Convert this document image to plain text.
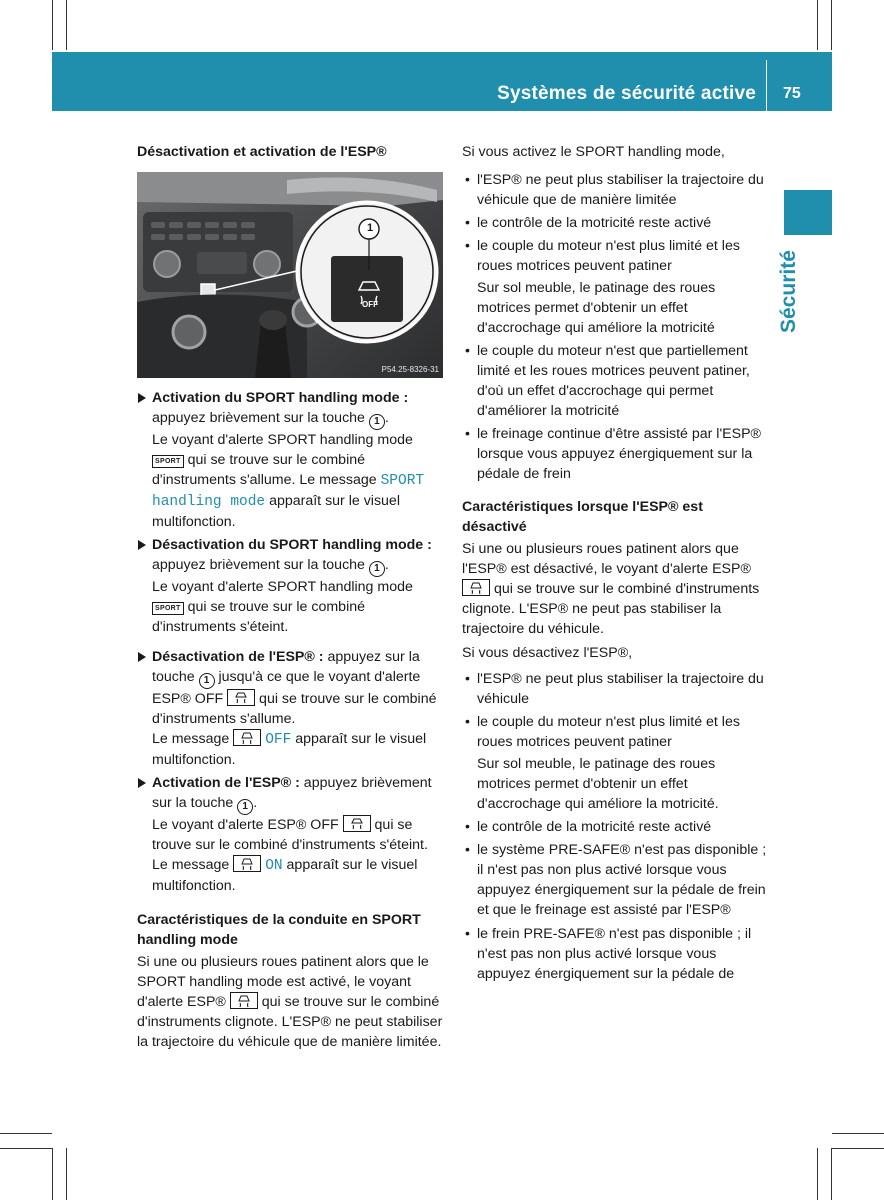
Systèmes de sécurité active 75
Sécurité
Désactivation et activation de l'ESP®
1
OFF
P54.25-8326-31
Activation du SPORT handling mode : appuyez brièvement sur la touche 1 .
Le voyant d'alerte SPORT handling mode SPORT qui se trouve sur le combiné d'instruments s'allume. Le message SPORT handling mode apparaît sur le visuel multifonction.
Désactivation du SPORT handling mode : appuyez brièvement sur la touche 1 .
Le voyant d'alerte SPORT handling mode SPORT qui se trouve sur le combiné d'instruments s'éteint.
Désactivation de l'ESP® : appuyez sur la touche 1 jusqu'à ce que le voyant d'alerte ESP® OFF
qui se trouve sur le combiné d'instruments s'allume.
Le message
OFF apparaît sur le visuel multifonction.
Activation de l'ESP® : appuyez brièvement sur la touche 1 .
Le voyant d'alerte ESP® OFF
qui se trouve sur le combiné d'instruments s'éteint. Le message
ON apparaît sur le visuel multifonction.
Caractéristiques de la conduite en SPORT handling mode

Si une ou plusieurs roues patinent alors que le SPORT handling mode est activé, le voyant d'alerte ESP®
qui se trouve sur le combiné d'instruments clignote. L'ESP® ne peut stabiliser la trajectoire du véhicule que de manière limitée.

Si vous activez le SPORT handling mode,

• l'ESP® ne peut plus stabiliser la trajectoire du véhicule que de manière limitée
• le contrôle de la motricité reste activé
• le couple du moteur n'est plus limité et les roues motrices peuvent patiner

Sur sol meuble, le patinage des roues motrices permet d'obtenir un effet d'accrochage qui améliore la motricité

• le couple du moteur n'est que partiellement limité et les roues motrices peuvent patiner, d'où un effet d'accrochage qui permet d'améliorer la motricité
• le freinage continue d'être assisté par l'ESP® lorsque vous appuyez énergiquement sur la pédale de frein
Caractéristiques lorsque l'ESP® est désactivé

Si une ou plusieurs roues patinent alors que l'ESP® est désactivé, le voyant d'alerte ESP®
qui se trouve sur le combiné d'instruments clignote. L'ESP® ne peut pas stabiliser la trajectoire du véhicule.

Si vous désactivez l'ESP®,

• l'ESP® ne peut plus stabiliser la trajectoire du véhicule
• le couple du moteur n'est plus limité et les roues motrices peuvent patiner

Sur sol meuble, le patinage des roues motrices permet d'obtenir un effet d'accrochage qui améliore la motricité.

• le contrôle de la motricité reste activé
• le système PRE-SAFE® n'est pas disponible ; il n'est pas non plus activé lorsque vous appuyez énergiquement sur la pédale de frein et que le freinage est assisté par l'ESP®
• le frein PRE-SAFE® n'est pas disponible ; il n'est pas non plus activé lorsque vous appuyez énergiquement sur la pédale de
